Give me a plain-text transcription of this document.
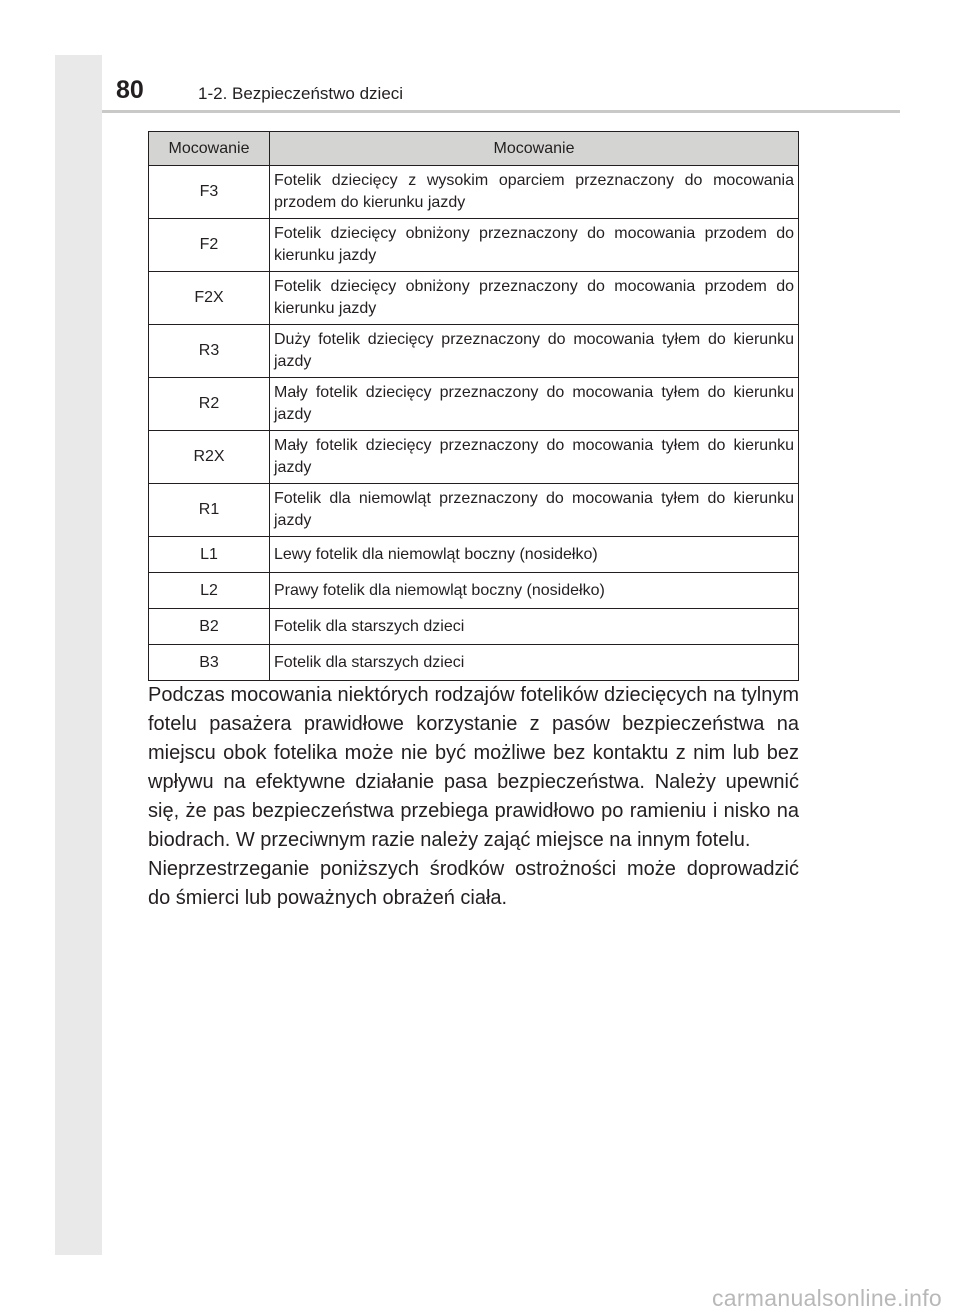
80	1-2. Bezpieczeństwo dzieci
Mocowanie	Mocowanie
F3	Fotelik dziecięcy z wysokim oparciem przeznaczony do mocowania przodem do kierunku jazdy
F2	Fotelik dziecięcy obniżony przeznaczony do mocowania przodem do kierunku jazdy
F2X	Fotelik dziecięcy obniżony przeznaczony do mocowania przodem do kierunku jazdy
R3	Duży fotelik dziecięcy przeznaczony do mocowania tyłem do kierunku jazdy
R2	Mały fotelik dziecięcy przeznaczony do mocowania tyłem do kierunku jazdy
R2X	Mały fotelik dziecięcy przeznaczony do mocowania tyłem do kierunku jazdy
R1	Fotelik dla niemowląt przeznaczony do mocowania tyłem do kierunku jazdy
L1	Lewy fotelik dla niemowląt boczny (nosidełko)
L2	Prawy fotelik dla niemowląt boczny (nosidełko)
B2	Fotelik dla starszych dzieci
B3	Fotelik dla starszych dzieci

Podczas mocowania niektórych rodzajów fotelików dziecięcych na tylnym fotelu pasażera prawidłowe korzystanie z pasów bezpieczeństwa na miejscu obok fotelika może nie być możliwe bez kontaktu z nim lub bez wpływu na efektywne działanie pasa bezpieczeństwa. Należy upewnić się, że pas bezpieczeństwa przebiega prawidłowo po ramieniu i nisko na biodrach. W przeciwnym razie należy zająć miejsce na innym fotelu.

Nieprzestrzeganie poniższych środków ostrożności może doprowadzić do śmierci lub poważnych obrażeń ciała.

carmanualsonline.info
